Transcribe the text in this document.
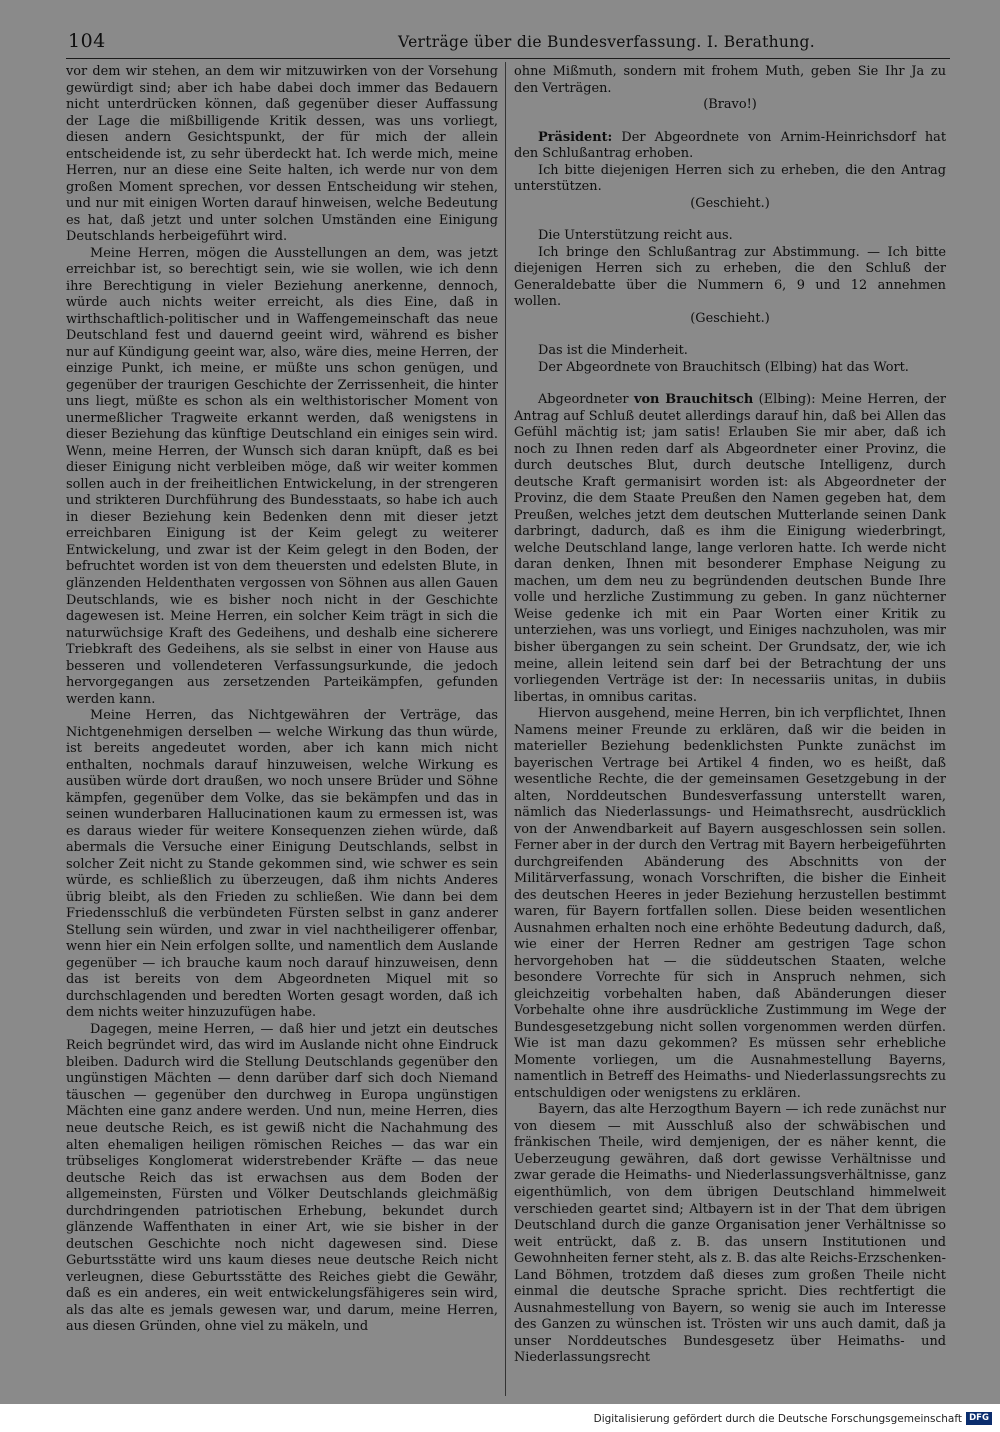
104	Verträge über die Bundesverfassung. I. Berathung.

vor dem wir stehen, an dem wir mitzuwirken von der Vorsehung gewürdigt sind; aber ich habe dabei doch immer das Bedauern nicht unterdrücken können, daß gegenüber dieser Auffassung der Lage die mißbilligende Kritik dessen, was uns vorliegt, diesen andern Gesichtspunkt, der für mich der allein entscheidende ist, zu sehr überdeckt hat. Ich werde mich, meine Herren, nur an diese eine Seite halten, ich werde nur von dem großen Moment sprechen, vor dessen Entscheidung wir stehen, und nur mit einigen Worten darauf hinweisen, welche Bedeutung es hat, daß jetzt und unter solchen Umständen eine Einigung Deutschlands herbeigeführt wird.

Meine Herren, mögen die Ausstellungen an dem, was jetzt erreichbar ist, so berechtigt sein, wie sie wollen, wie ich denn ihre Berechtigung in vieler Beziehung anerkenne, dennoch, würde auch nichts weiter erreicht, als dies Eine, daß in wirthschaftlich-politischer und in Waffengemeinschaft das neue Deutschland fest und dauernd geeint wird, während es bisher nur auf Kündigung geeint war, also, wäre dies, meine Herren, der einzige Punkt, ich meine, er müßte uns schon genügen, und gegenüber der traurigen Geschichte der Zerrissenheit, die hinter uns liegt, müßte es schon als ein welthistorischer Moment von unermeßlicher Tragweite erkannt werden, daß wenigstens in dieser Beziehung das künftige Deutschland ein einiges sein wird. Wenn, meine Herren, der Wunsch sich daran knüpft, daß es bei dieser Einigung nicht verbleiben möge, daß wir weiter kommen sollen auch in der freiheitlichen Entwickelung, in der strengeren und strikteren Durchführung des Bundesstaats, so habe ich auch in dieser Beziehung kein Bedenken denn mit dieser jetzt erreichbaren Einigung ist der Keim gelegt zu weiterer Entwickelung, und zwar ist der Keim gelegt in den Boden, der befruchtet worden ist von dem theuersten und edelsten Blute, in glänzenden Heldenthaten vergossen von Söhnen aus allen Gauen Deutschlands, wie es bisher noch nicht in der Geschichte dagewesen ist. Meine Herren, ein solcher Keim trägt in sich die naturwüchsige Kraft des Gedeihens, und deshalb eine sicherere Triebkraft des Gedeihens, als sie selbst in einer von Hause aus besseren und vollendeteren Verfassungsurkunde, die jedoch hervorgegangen aus zersetzenden Parteikämpfen, gefunden werden kann.

Meine Herren, das Nichtgewähren der Verträge, das Nichtgenehmigen derselben — welche Wirkung das thun würde, ist bereits angedeutet worden, aber ich kann mich nicht enthalten, nochmals darauf hinzuweisen, welche Wirkung es ausüben würde dort draußen, wo noch unsere Brüder und Söhne kämpfen, gegenüber dem Volke, das sie bekämpfen und das in seinen wunderbaren Hallucinationen kaum zu ermessen ist, was es daraus wieder für weitere Konsequenzen ziehen würde, daß abermals die Versuche einer Einigung Deutschlands, selbst in solcher Zeit nicht zu Stande gekommen sind, wie schwer es sein würde, es schließlich zu überzeugen, daß ihm nichts Anderes übrig bleibt, als den Frieden zu schließen. Wie dann bei dem Friedensschluß die verbündeten Fürsten selbst in ganz anderer Stellung sein würden, und zwar in viel nachtheiligerer offenbar, wenn hier ein Nein erfolgen sollte, und namentlich dem Auslande gegenüber — ich brauche kaum noch darauf hinzuweisen, denn das ist bereits von dem Abgeordneten Miquel mit so durchschlagenden und beredten Worten gesagt worden, daß ich dem nichts weiter hinzuzufügen habe.

Dagegen, meine Herren, — daß hier und jetzt ein deutsches Reich begründet wird, das wird im Auslande nicht ohne Eindruck bleiben. Dadurch wird die Stellung Deutschlands gegenüber den ungünstigen Mächten — denn darüber darf sich doch Niemand täuschen — gegenüber den durchweg in Europa ungünstigen Mächten eine ganz andere werden. Und nun, meine Herren, dies neue deutsche Reich, es ist gewiß nicht die Nachahmung des alten ehemaligen heiligen römischen Reiches — das war ein trübseliges Konglomerat widerstrebender Kräfte — das neue deutsche Reich das ist erwachsen aus dem Boden der allgemeinsten, Fürsten und Völker Deutschlands gleichmäßig durchdringenden patriotischen Erhebung, bekundet durch glänzende Waffenthaten in einer Art, wie sie bisher in der deutschen Geschichte noch nicht dagewesen sind. Diese Geburtsstätte wird uns kaum dieses neue deutsche Reich nicht verleugnen, diese Geburtsstätte des Reiches giebt die Gewähr, daß es ein anderes, ein weit entwickelungsfähigeres sein wird, als das alte es jemals gewesen war, und darum, meine Herren, aus diesen Gründen, ohne viel zu mäkeln, und

ohne Mißmuth, sondern mit frohem Muth, geben Sie Ihr Ja zu den Verträgen.

(Bravo!)

Präsident: Der Abgeordnete von Arnim-Heinrichsdorf hat den Schlußantrag erhoben.

Ich bitte diejenigen Herren sich zu erheben, die den Antrag unterstützen.

(Geschieht.)

Die Unterstützung reicht aus.

Ich bringe den Schlußantrag zur Abstimmung. — Ich bitte diejenigen Herren sich zu erheben, die den Schluß der Generaldebatte über die Nummern 6, 9 und 12 annehmen wollen.

(Geschieht.)

Das ist die Minderheit.

Der Abgeordnete von Brauchitsch (Elbing) hat das Wort.

Abgeordneter von Brauchitsch (Elbing): Meine Herren, der Antrag auf Schluß deutet allerdings darauf hin, daß bei Allen das Gefühl mächtig ist; jam satis! Erlauben Sie mir aber, daß ich noch zu Ihnen reden darf als Abgeordneter einer Provinz, die durch deutsches Blut, durch deutsche Intelligenz, durch deutsche Kraft germanisirt worden ist: als Abgeordneter der Provinz, die dem Staate Preußen den Namen gegeben hat, dem Preußen, welches jetzt dem deutschen Mutterlande seinen Dank darbringt, dadurch, daß es ihm die Einigung wiederbringt, welche Deutschland lange, lange verloren hatte. Ich werde nicht daran denken, Ihnen mit besonderer Emphase Neigung zu machen, um dem neu zu begründenden deutschen Bunde Ihre volle und herzliche Zustimmung zu geben. In ganz nüchterner Weise gedenke ich mit ein Paar Worten einer Kritik zu unterziehen, was uns vorliegt, und Einiges nachzuholen, was mir bisher übergangen zu sein scheint. Der Grundsatz, der, wie ich meine, allein leitend sein darf bei der Betrachtung der uns vorliegenden Verträge ist der: In necessariis unitas, in dubiis libertas, in omnibus caritas.

Hiervon ausgehend, meine Herren, bin ich verpflichtet, Ihnen Namens meiner Freunde zu erklären, daß wir die beiden in materieller Beziehung bedenklichsten Punkte zunächst im bayerischen Vertrage bei Artikel 4 finden, wo es heißt, daß wesentliche Rechte, die der gemeinsamen Gesetzgebung in der alten, Norddeutschen Bundesverfassung unterstellt waren, nämlich das Niederlassungs- und Heimathsrecht, ausdrücklich von der Anwendbarkeit auf Bayern ausgeschlossen sein sollen. Ferner aber in der durch den Vertrag mit Bayern herbeigeführten durchgreifenden Abänderung des Abschnitts von der Militärverfassung, wonach Vorschriften, die bisher die Einheit des deutschen Heeres in jeder Beziehung herzustellen bestimmt waren, für Bayern fortfallen sollen. Diese beiden wesentlichen Ausnahmen erhalten noch eine erhöhte Bedeutung dadurch, daß, wie einer der Herren Redner am gestrigen Tage schon hervorgehoben hat — die süddeutschen Staaten, welche besondere Vorrechte für sich in Anspruch nehmen, sich gleichzeitig vorbehalten haben, daß Abänderungen dieser Vorbehalte ohne ihre ausdrückliche Zustimmung im Wege der Bundesgesetzgebung nicht sollen vorgenommen werden dürfen. Wie ist man dazu gekommen? Es müssen sehr erhebliche Momente vorliegen, um die Ausnahmestellung Bayerns, namentlich in Betreff des Heimaths- und Niederlassungsrechts zu entschuldigen oder wenigstens zu erklären.

Bayern, das alte Herzogthum Bayern — ich rede zunächst nur von diesem — mit Ausschluß also der schwäbischen und fränkischen Theile, wird demjenigen, der es näher kennt, die Ueberzeugung gewähren, daß dort gewisse Verhältnisse und zwar gerade die Heimaths- und Niederlassungsverhältnisse, ganz eigenthümlich, von dem übrigen Deutschland himmelweit verschieden geartet sind; Altbayern ist in der That dem übrigen Deutschland durch die ganze Organisation jener Verhältnisse so weit entrückt, daß z. B. das unsern Institutionen und Gewohnheiten ferner steht, als z. B. das alte Reichs-Erzschenken-Land Böhmen, trotzdem daß dieses zum großen Theile nicht einmal die deutsche Sprache spricht. Dies rechtfertigt die Ausnahmestellung von Bayern, so wenig sie auch im Interesse des Ganzen zu wünschen ist. Trösten wir uns auch damit, daß ja unser Norddeutsches Bundesgesetz über Heimaths- und Niederlassungsrecht

Digitalisierung gefördert durch die Deutsche Forschungsgemeinschaft DFG
